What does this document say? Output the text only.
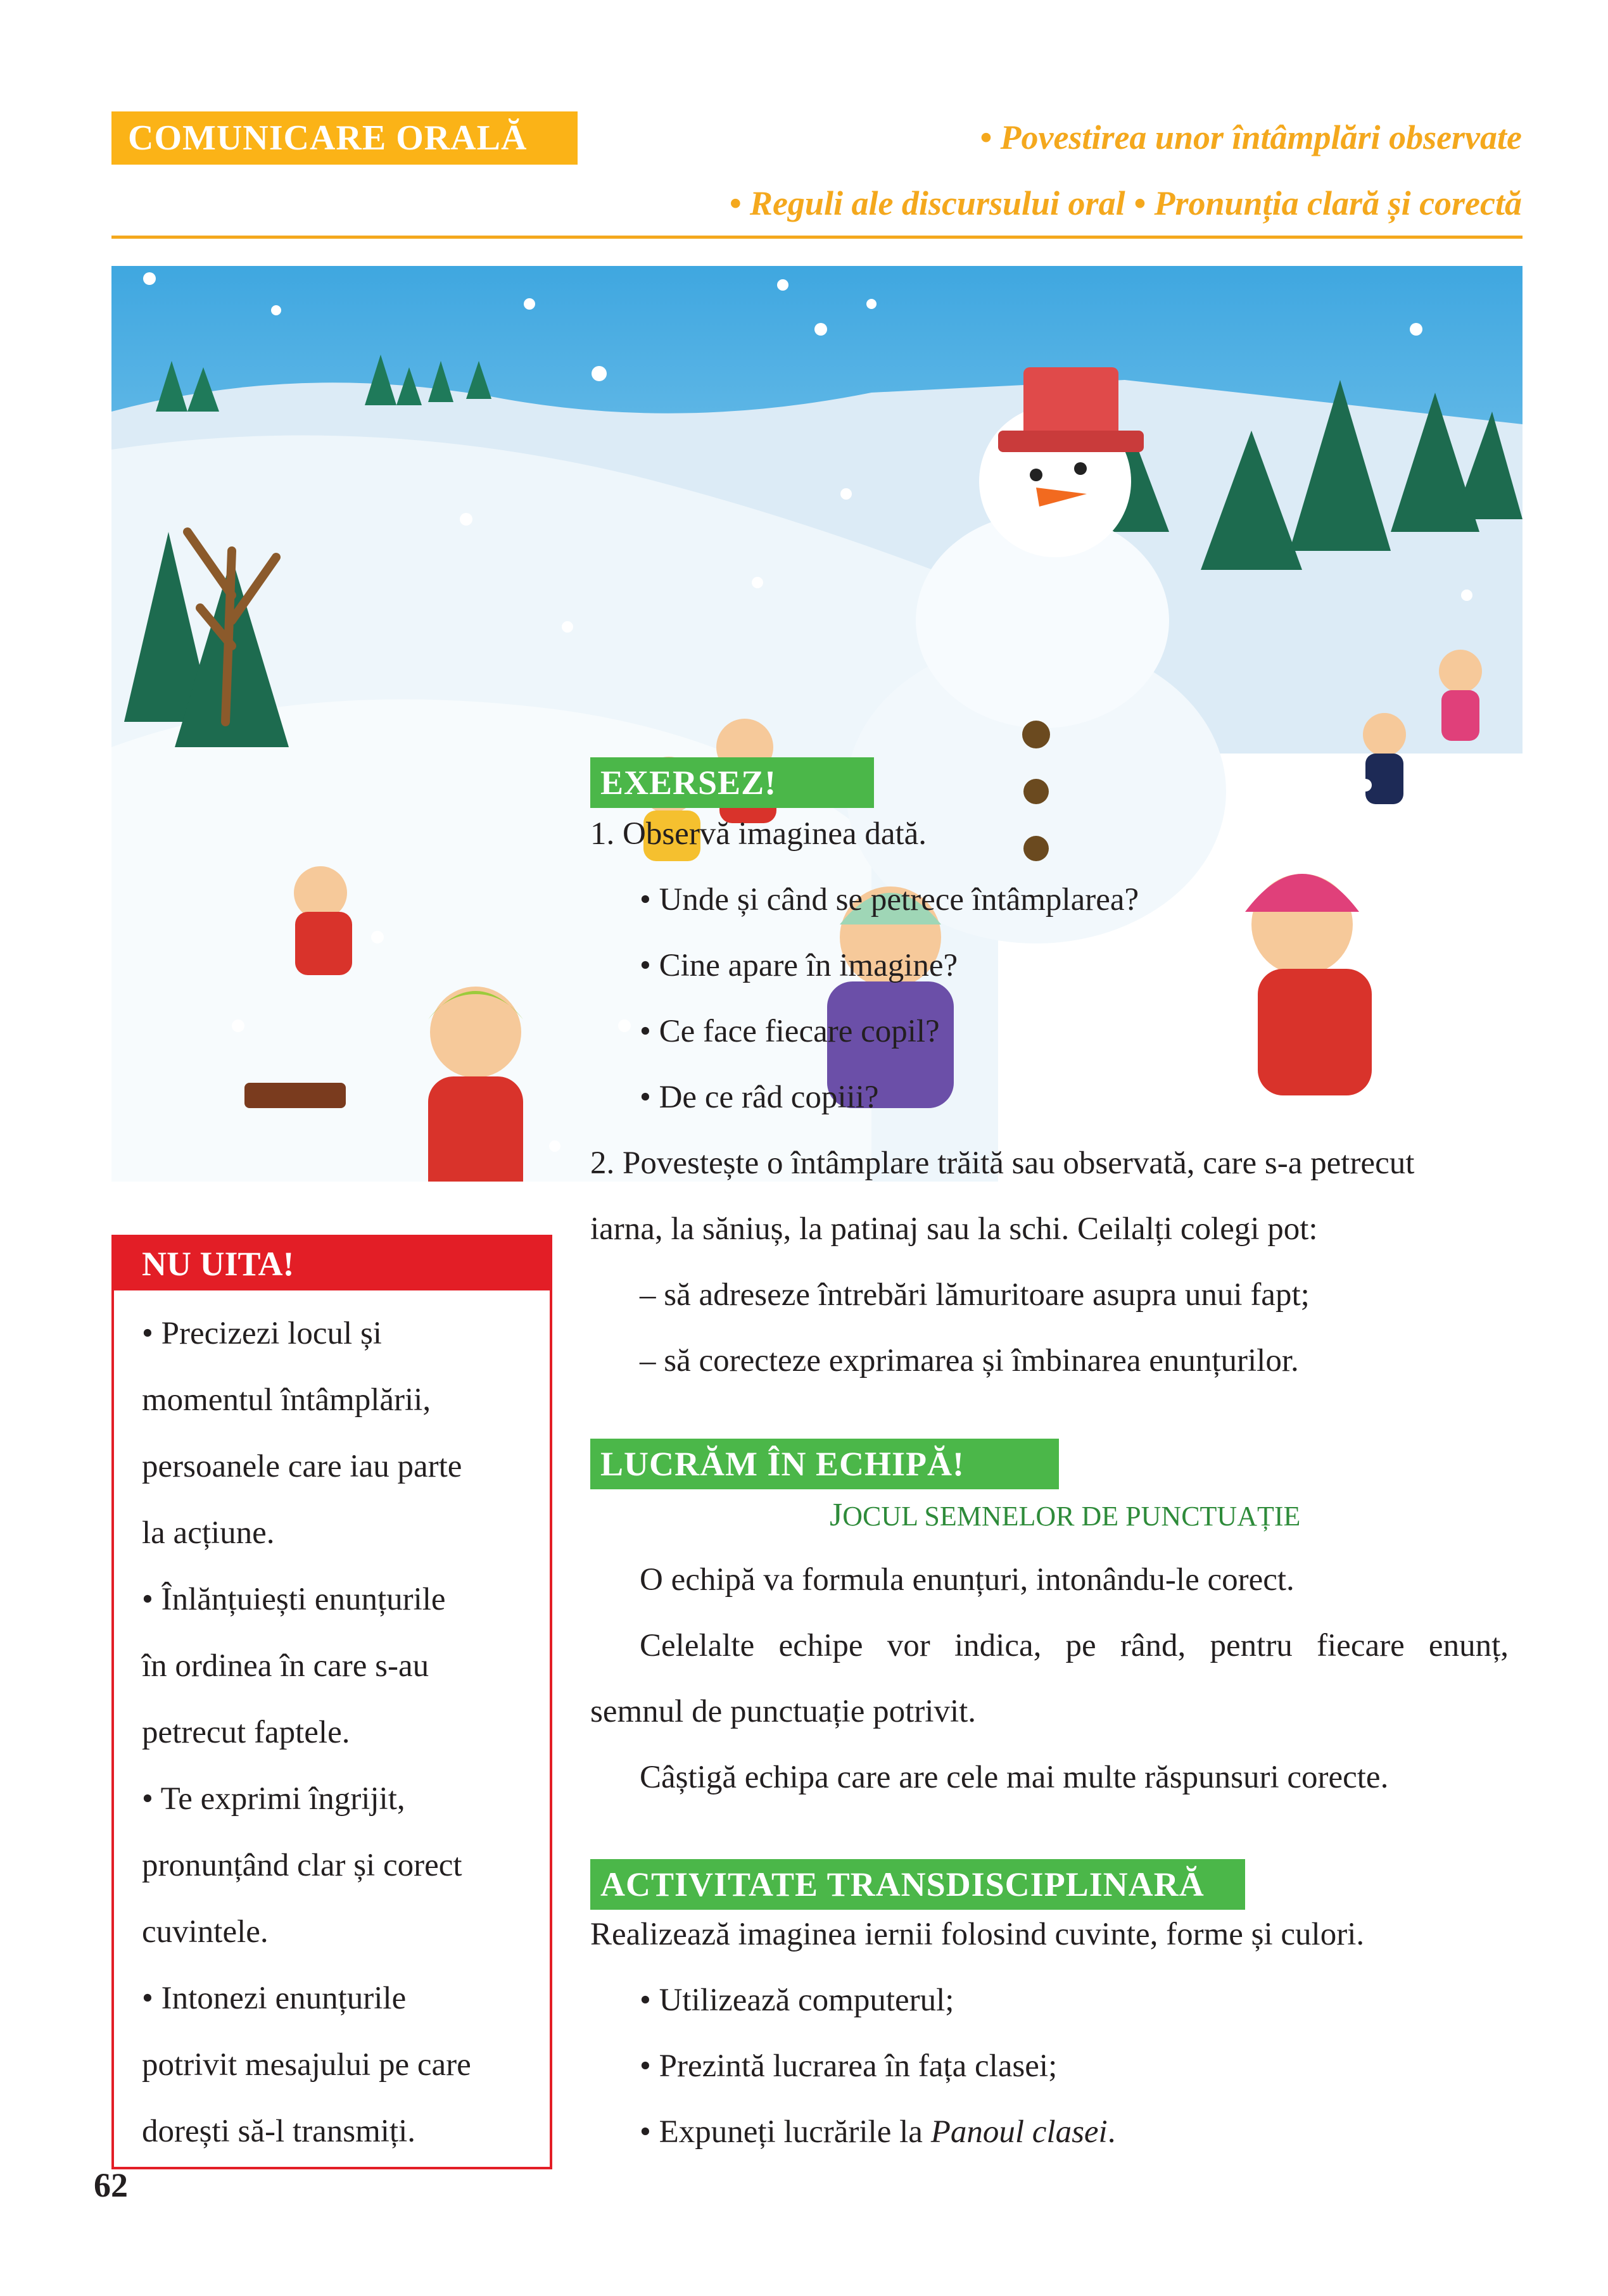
COMUNICARE ORALĂ	• Povestirea unor întâmplări observate
• Reguli ale discursului oral • Pronunția clară și corectă
EXERSEZ!
1. Observă imaginea dată.
• Unde și când se petrece întâmplarea?
• Cine apare în imagine?
• Ce face fiecare copil?
• De ce râd copiii?
2. Povestește o întâmplare trăită sau observată, care s-a petrecut
iarna, la săniuș, la patinaj sau la schi. Ceilalți colegi pot:
– să adreseze întrebări lămuritoare asupra unui fapt;
– să corecteze exprimarea și îmbinarea enunțurilor.
LUCRĂM ÎN ECHIPĂ!
JOCUL SEMNELOR DE PUNCTUAȚIE
O echipă va formula enunțuri, intonându-le corect.
Celelalte echipe vor indica, pe rând, pentru fiecare enunț,
semnul de punctuație potrivit.
Câștigă echipa care are cele mai multe răspunsuri corecte.
ACTIVITATE TRANSDISCIPLINARĂ
Realizează imaginea iernii folosind cuvinte, forme și culori.
• Utilizează computerul;
• Prezintă lucrarea în fața clasei;
• Expuneți lucrările la Panoul clasei.
NU UITA!
• Precizezi locul și
momentul întâmplării,
persoanele care iau parte
la acțiune.
• Înlănțuiești enunțurile
în ordinea în care s-au
petrecut faptele.
• Te exprimi îngrijit,
pronunțând clar și corect
cuvintele.
• Intonezi enunțurile
potrivit mesajului pe care
dorești să-l transmiți.
62
